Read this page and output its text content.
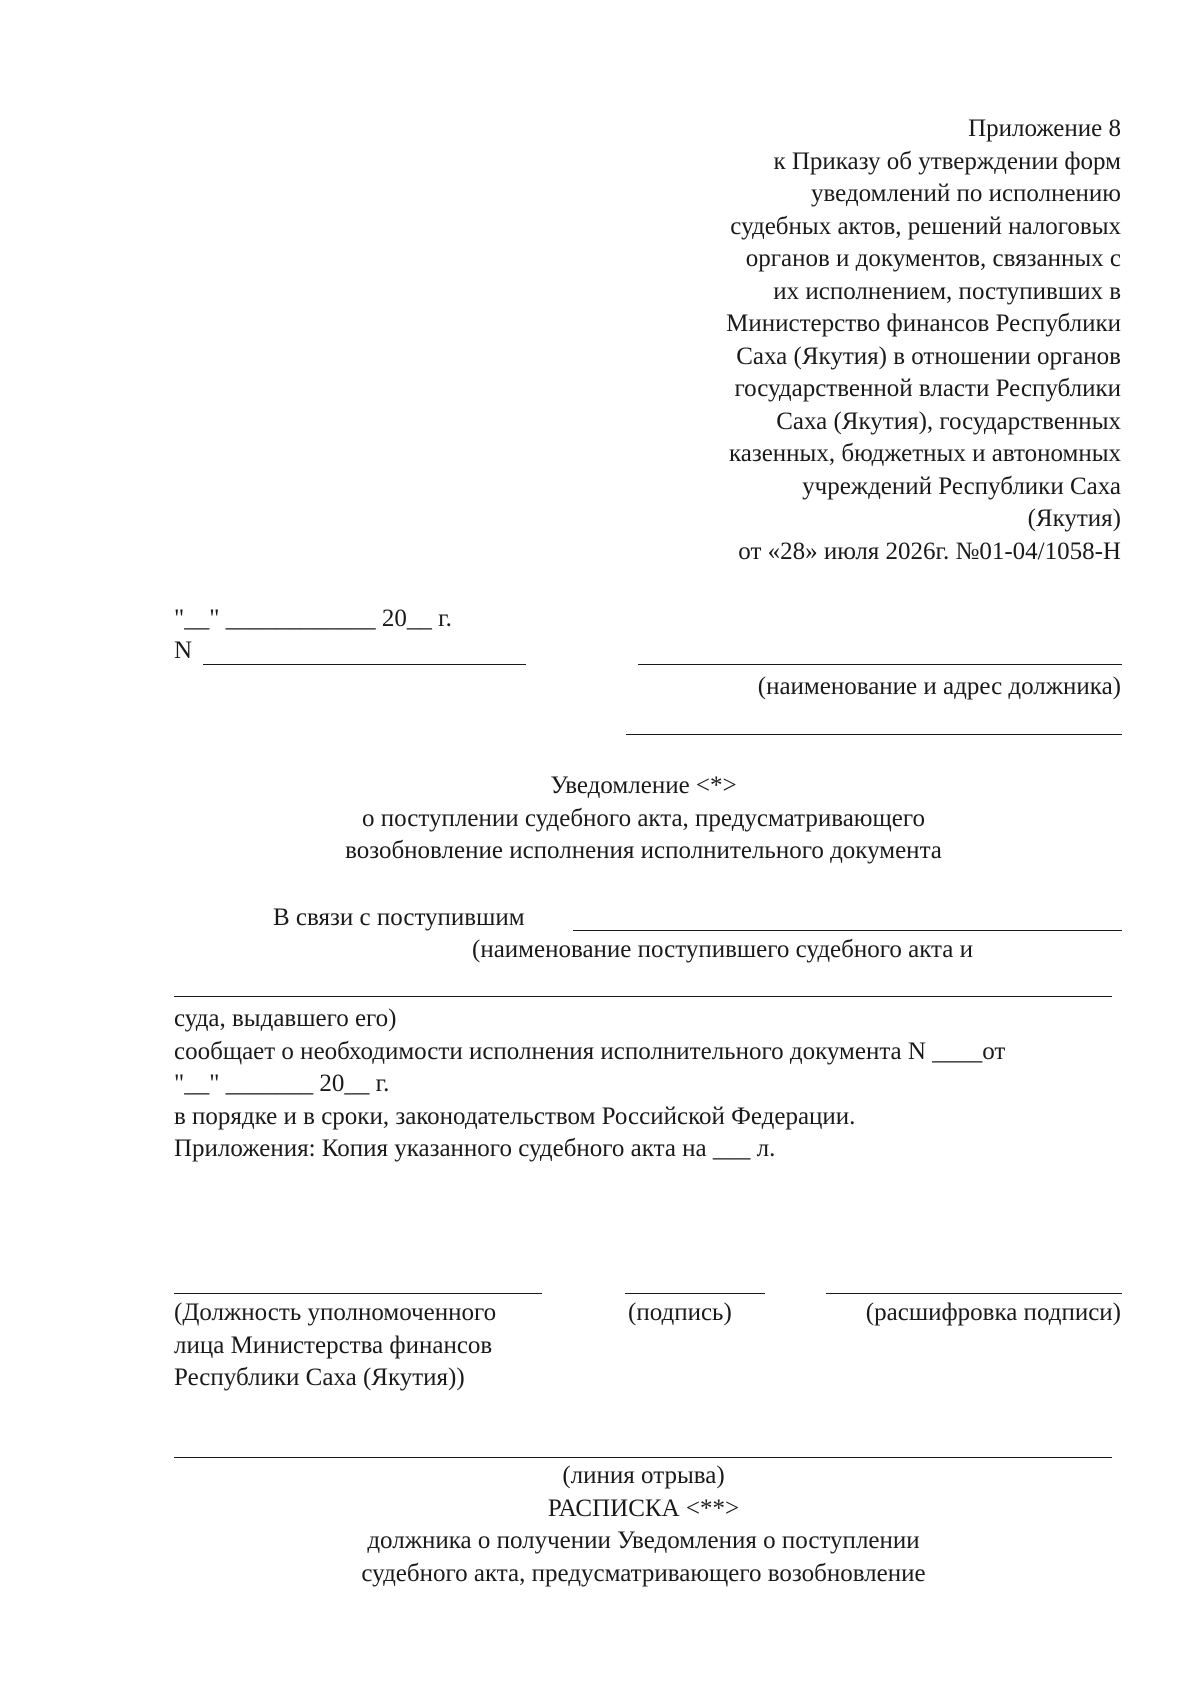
Приложение 8
к Приказу об утверждении форм
уведомлений по исполнению
судебных актов, решений налоговых
органов и документов, связанных с
их исполнением, поступивших в
Министерство финансов Республики
Саха (Якутия) в отношении органов
государственной власти Республики
Саха (Якутия), государственных
казенных, бюджетных и автономных
учреждений Республики Саха
(Якутия)
от «28» июля 2026г. №01-04/1058-Н
"__" ____________ 20__ г.
N
(наименование и адрес должника)
Уведомление <*>
о поступлении судебного акта, предусматривающего
возобновление исполнения исполнительного документа
В связи с поступившим
(наименование поступившего судебного акта и
суда, выдавшего его)
сообщает о необходимости исполнения исполнительного документа N ____от
"__" _______ 20__ г.
в порядке и в сроки, законодательством Российской Федерации.
Приложения: Копия указанного судебного акта на ___ л.
(Должность уполномоченного
лица Министерства финансов
Республики Саха (Якутия))
(подпись)	(расшифровка подписи)
(линия отрыва)
РАСПИСКА <**>
должника о получении Уведомления о поступлении
судебного акта, предусматривающего возобновление
